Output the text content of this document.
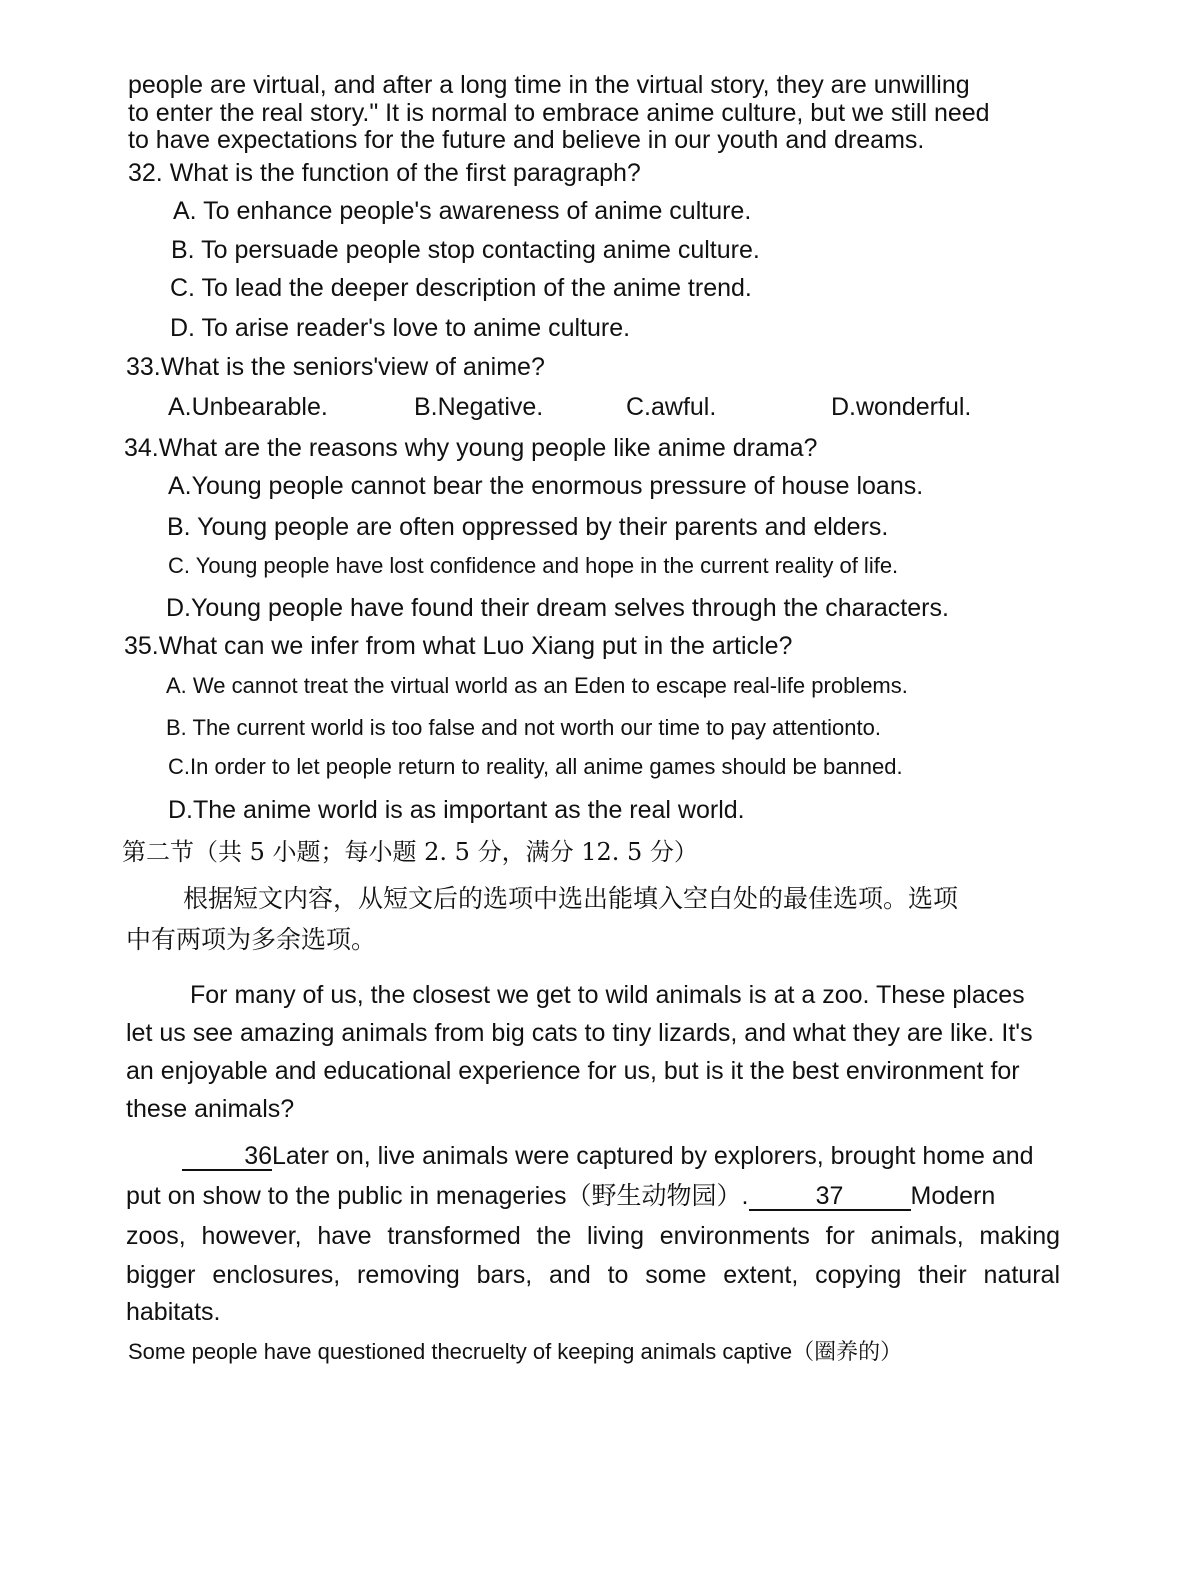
people are virtual, and after a long time in the virtual story, they are unwilling
to enter the real story." It is normal to embrace anime culture, but we still need
to have expectations for the future and believe in our youth and dreams.
32. What is the function of the first paragraph?
A. To enhance people's awareness of anime culture.
B. To persuade people stop contacting anime culture.
C. To lead the deeper description of the anime trend.
D. To arise reader's love to anime culture.
33.What is the seniors'view of anime?
A.Unbearable.	B.Negative.	C.awful.	D.wonderful.
34.What are the reasons why young people like anime drama?
A.Young people cannot bear the enormous pressure of house loans.
B. Young people are often oppressed by their parents and elders.
C. Young people have lost confidence and hope in the current reality of life.
D.Young people have found their dream selves through the characters.
35.What can we infer from what Luo Xiang put in the article?
A. We cannot treat the virtual world as an Eden to escape real-life problems.
B. The current world is too false and not worth our time to pay attentionto.
C.In order to let people return to reality, all anime games should be banned.
D.The anime world is as important as the real world.
第二节（共 5 小题；每小题 2. 5 分，满分 12. 5 分）
根据短文内容，从短文后的选项中选出能填入空白处的最佳选项。选项
中有两项为多余选项。
For many of us, the closest we get to wild animals is at a zoo. These places
let us see amazing animals from big cats to tiny lizards, and what they are like. It's
an enjoyable and educational experience for us, but is it the best environment for
these animals?
36Later on, live animals were captured by explorers, brought home and
put on show to the public in menageries（野生动物园）.	37	Modern
zoos, however, have transformed the living environments for animals, making
bigger enclosures, removing bars, and to some extent, copying their natural
habitats.
Some people have questioned thecruelty of keeping animals captive（圈养的）
